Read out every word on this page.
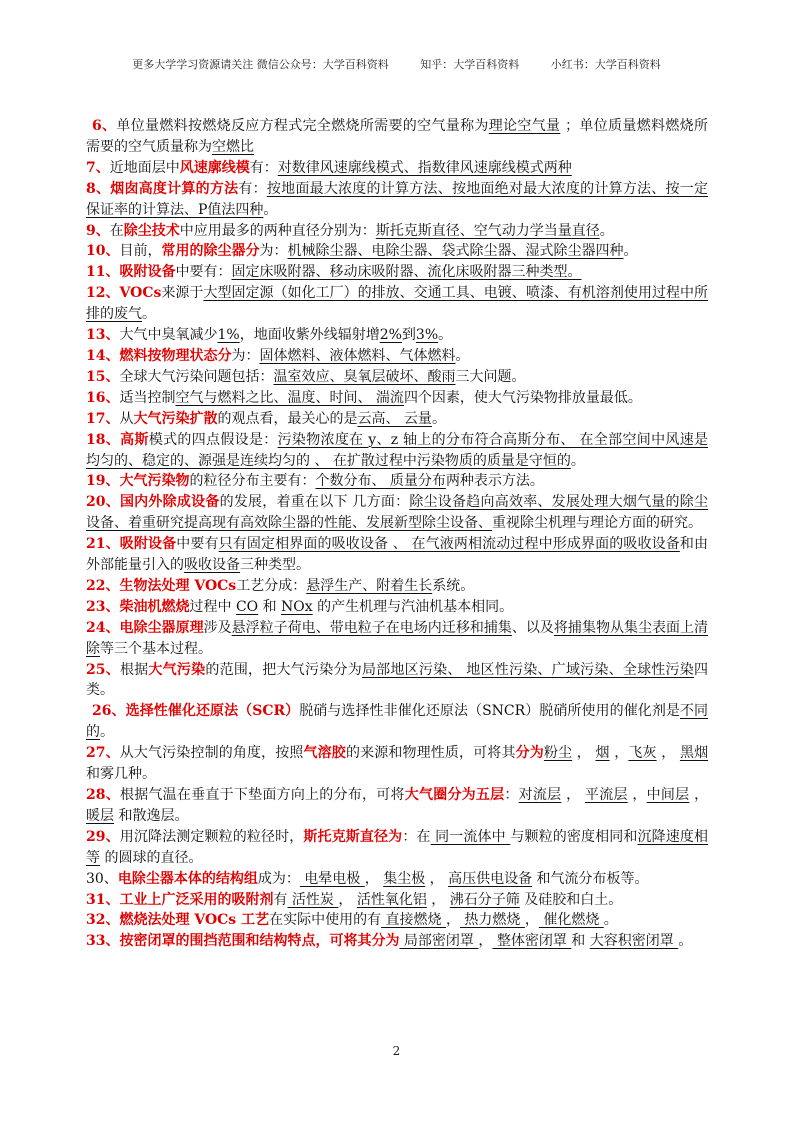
更多大学学习资源请关注 微信公众号：大学百科资料	知乎：大学百科资料	小红书：大学百科资料

6、单位量燃料按燃烧反应方程式完全燃烧所需要的空气量称为理论空气量 ；单位质量燃料燃烧所需要的空气质量称为空燃比

7、近地面层中风速廓线模有：对数律风速廓线模式、指数律风速廓线模式两种

8、烟囱高度计算的方法有：按地面最大浓度的计算方法、按地面绝对最大浓度的计算方法、按一定保证率的计算法、P值法四种。

9、在除尘技术中应用最多的两种直径分别为：斯托克斯直径、空气动力学当量直径。

10、目前，常用的除尘器分为：机械除尘器、电除尘器、袋式除尘器、湿式除尘器四种。

11、吸附设备中要有：固定床吸附器、移动床吸附器、流化床吸附器三种类型。

12、VOCs来源于大型固定源（如化工厂）的排放、交通工具、电镀、喷漆、有机溶剂使用过程中所排的废气。

13、大气中臭氧减少1%，地面收紫外线辐射增2%到3%。

14、燃料按物理状态分为：固体燃料、液体燃料、气体燃料。

15、全球大气污染问题包括：温室效应、臭氧层破坏、酸雨三大问题。

16、适当控制空气与燃料之比、温度、时间、 湍流四个因素，使大气污染物排放量最低。

17、从大气污染扩散的观点看，最关心的是云高、 云量。

18、高斯模式的四点假设是：污染物浓度在 y、z 轴上的分布符合高斯分布、 在全部空间中风速是均匀的、稳定的、源强是连续均匀的 、 在扩散过程中污染物质的质量是守恒的。

19、大气污染物的粒径分布主要有：个数分布、 质量分布两种表示方法。

20、国内外除成设备的发展，着重在以下 几方面：除尘设备趋向高效率、发展处理大烟气量的除尘设备、着重研究提高现有高效除尘器的性能、发展新型除尘设备、重视除尘机理与理论方面的研究。

21、吸附设备中要有只有固定相界面的吸收设备 、 在气液两相流动过程中形成界面的吸收设备和由外部能量引入的吸收设备三种类型。

22、生物法处理 VOCs工艺分成：悬浮生产、附着生长系统。

23、柴油机燃烧过程中 CO 和 NOx 的产生机理与汽油机基本相同。

24、电除尘器原理涉及悬浮粒子荷电、带电粒子在电场内迁移和捕集、以及将捕集物从集尘表面上清除等三个基本过程。

25、根据大气污染的范围，把大气污染分为局部地区污染、 地区性污染、广域污染、全球性污染四类。

26、选择性催化还原法（SCR）脱硝与选择性非催化还原法（SNCR）脱硝所使用的催化剂是不同的。

27、从大气污染控制的角度，按照气溶胶的来源和物理性质，可将其分为粉尘 ， 烟 ，飞灰 ， 黑烟 和雾几种。

28、根据气温在垂直于下垫面方向上的分布，可将大气圈分为五层：对流层 ， 平流层 ，中间层 ， 暖层 和散逸层。

29、用沉降法测定颗粒的粒径时，斯托克斯直径为：在 同一流体中 与颗粒的密度相同和沉降速度相等 的圆球的直径。

30、电除尘器本体的结构组成为： 电晕电极 ， 集尘极 ， 高压供电设备 和气流分布板等。

31、工业上广泛采用的吸附剂有 活性炭 ， 活性氧化铝 ， 沸石分子筛 及硅胶和白土。

32、燃烧法处理 VOCs 工艺在实际中使用的有 直接燃烧 ， 热力燃烧 ， 催化燃烧 。

33、按密闭罩的围挡范围和结构特点，可将其分为 局部密闭罩 ， 整体密闭罩 和 大容积密闭罩 。

2
